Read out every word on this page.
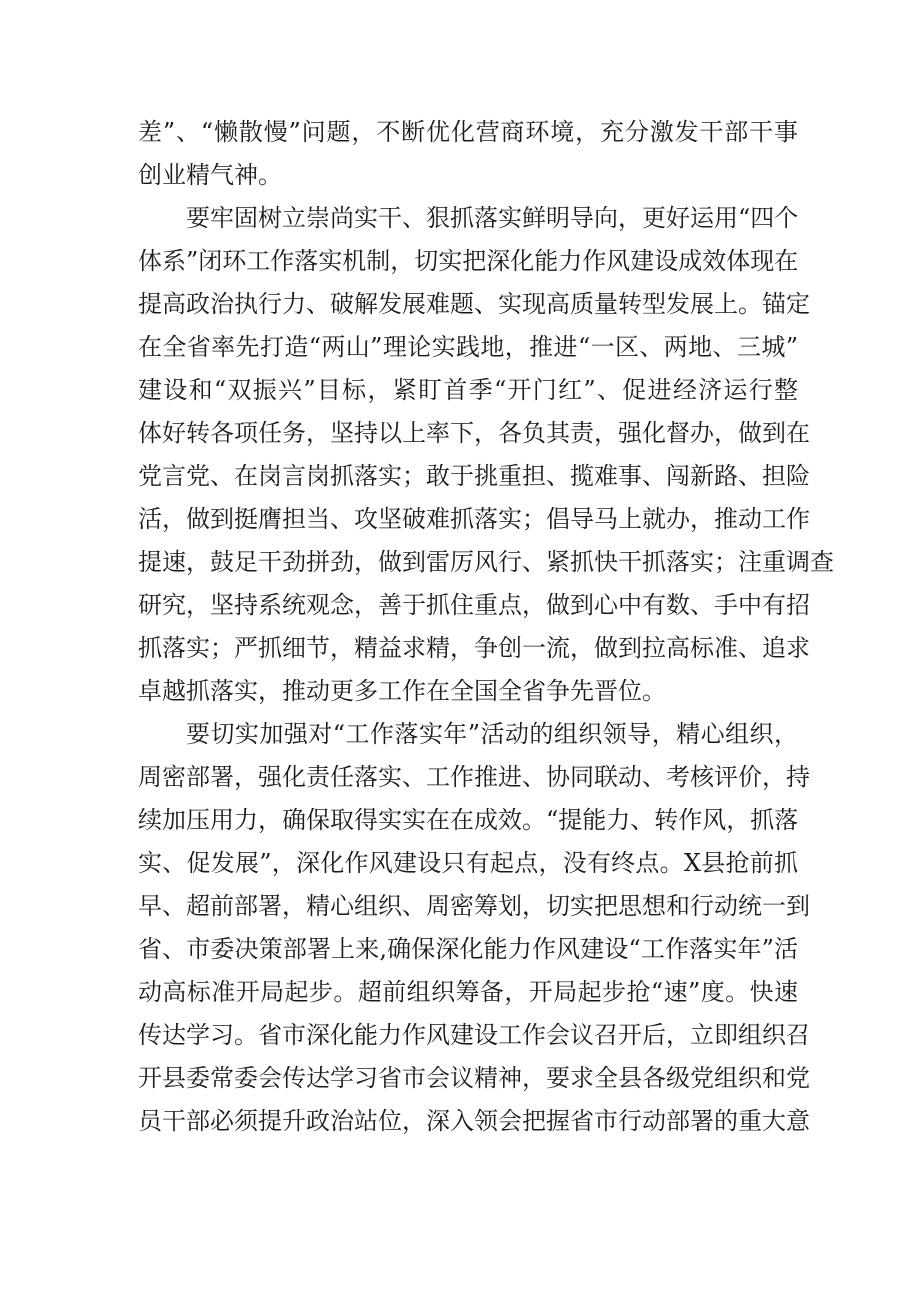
差”、“懒散慢”问题，不断优化营商环境，充分激发干部干事
创业精气神。
要牢固树立崇尚实干、狠抓落实鲜明导向，更好运用“四个
体系”闭环工作落实机制，切实把深化能力作风建设成效体现在
提高政治执行力、破解发展难题、实现高质量转型发展上。锚定
在全省率先打造“两山”理论实践地，推进“一区、两地、三城”
建设和“双振兴”目标，紧盯首季“开门红”、促进经济运行整
体好转各项任务，坚持以上率下，各负其责，强化督办，做到在
党言党、在岗言岗抓落实；敢于挑重担、揽难事、闯新路、担险
活，做到挺膺担当、攻坚破难抓落实；倡导马上就办，推动工作
提速，鼓足干劲拼劲，做到雷厉风行、紧抓快干抓落实；注重调查
研究，坚持系统观念，善于抓住重点，做到心中有数、手中有招
抓落实；严抓细节，精益求精，争创一流，做到拉高标准、追求
卓越抓落实，推动更多工作在全国全省争先晋位。
要切实加强对“工作落实年”活动的组织领导，精心组织，
周密部署，强化责任落实、工作推进、协同联动、考核评价，持
续加压用力，确保取得实实在在成效。“提能力、转作风，抓落
实、促发展”，深化作风建设只有起点，没有终点。X县抢前抓
早、超前部署，精心组织、周密筹划，切实把思想和行动统一到
省、市委决策部署上来,确保深化能力作风建设“工作落实年”活
动高标准开局起步。超前组织筹备，开局起步抢“速”度。快速
传达学习。省市深化能力作风建设工作会议召开后，立即组织召
开县委常委会传达学习省市会议精神，要求全县各级党组织和党
员干部必须提升政治站位，深入领会把握省市行动部署的重大意
